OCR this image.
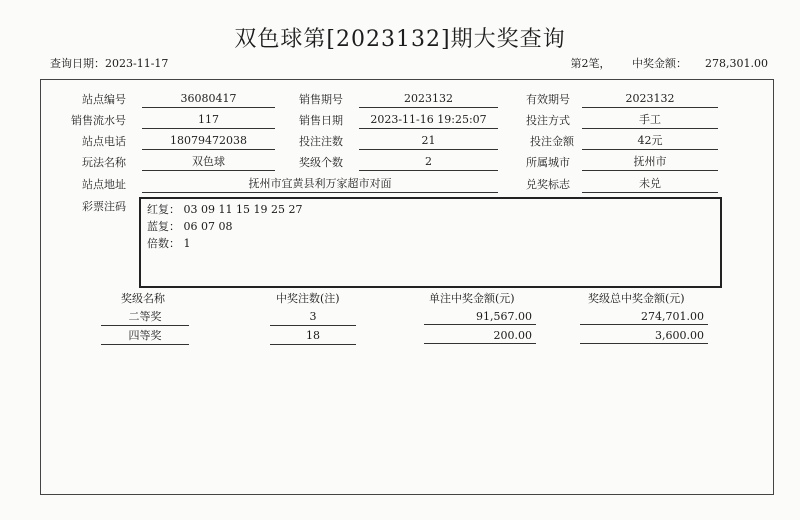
双色球第[2023132]期大奖查询
查询日期：2023-11-17	第2笔， 中奖金额： 278,301.00
站点编号	36080417	销售期号	2023132	有效期号	2023132
销售流水号	117	销售日期	2023-11-16 19:25:07	投注方式	手工
站点电话	18079472038	投注注数	21	投注金额	42元
玩法名称	双色球	奖级个数	2	所属城市	抚州市
站点地址	抚州市宜黄县利万家超市对面	兑奖标志	未兑
彩票注码 红复： 03 09 11 15 19 25 27
蓝复： 06 07 08
倍数： 1
奖级名称	中奖注数(注)	单注中奖金额(元)	奖级总中奖金额(元)
二等奖	3	91,567.00	274,701.00
四等奖	18	200.00	3,600.00
